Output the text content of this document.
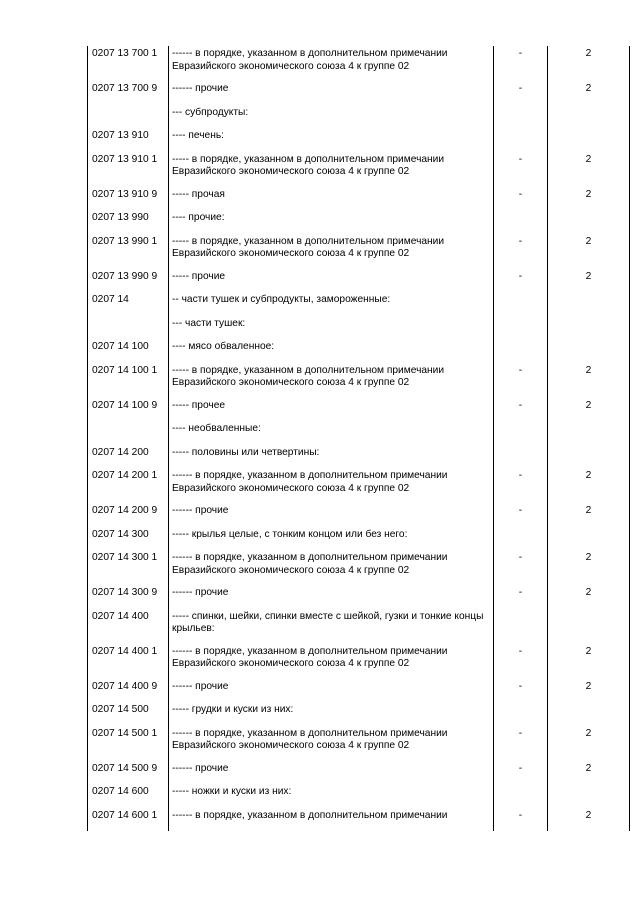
0207 13 700 1	------ в порядке, указанном в дополнительном примечании Евразийского экономического союза 4 к группе 02	-	2
0207 13 700 9	------ прочие	-	2
	--- субпродукты:		
0207 13 910	---- печень:		
0207 13 910 1	----- в порядке, указанном в дополнительном примечании Евразийского экономического союза 4 к группе 02	-	2
0207 13 910 9	----- прочая	-	2
0207 13 990	---- прочие:		
0207 13 990 1	----- в порядке, указанном в дополнительном примечании Евразийского экономического союза 4 к группе 02	-	2
0207 13 990 9	----- прочие	-	2
0207 14	-- части тушек и субпродукты, замороженные:		
	--- части тушек:		
0207 14 100	---- мясо обваленное:		
0207 14 100 1	----- в порядке, указанном в дополнительном примечании Евразийского экономического союза 4 к группе 02	-	2
0207 14 100 9	----- прочее	-	2
	---- необваленные:		
0207 14 200	----- половины или четвертины:		
0207 14 200 1	------ в порядке, указанном в дополнительном примечании Евразийского экономического союза 4 к группе 02	-	2
0207 14 200 9	------ прочие	-	2
0207 14 300	----- крылья целые, с тонким концом или без него:		
0207 14 300 1	------ в порядке, указанном в дополнительном примечании Евразийского экономического союза 4 к группе 02	-	2
0207 14 300 9	------ прочие	-	2
0207 14 400	----- спинки, шейки, спинки вместе с шейкой, гузки и тонкие концы крыльев:		
0207 14 400 1	------ в порядке, указанном в дополнительном примечании Евразийского экономического союза 4 к группе 02	-	2
0207 14 400 9	------ прочие	-	2
0207 14 500	----- грудки и куски из них:		
0207 14 500 1	------ в порядке, указанном в дополнительном примечании Евразийского экономического союза 4 к группе 02	-	2
0207 14 500 9	------ прочие	-	2
0207 14 600	----- ножки и куски из них:		
0207 14 600 1	------ в порядке, указанном в дополнительном примечании	-	2
